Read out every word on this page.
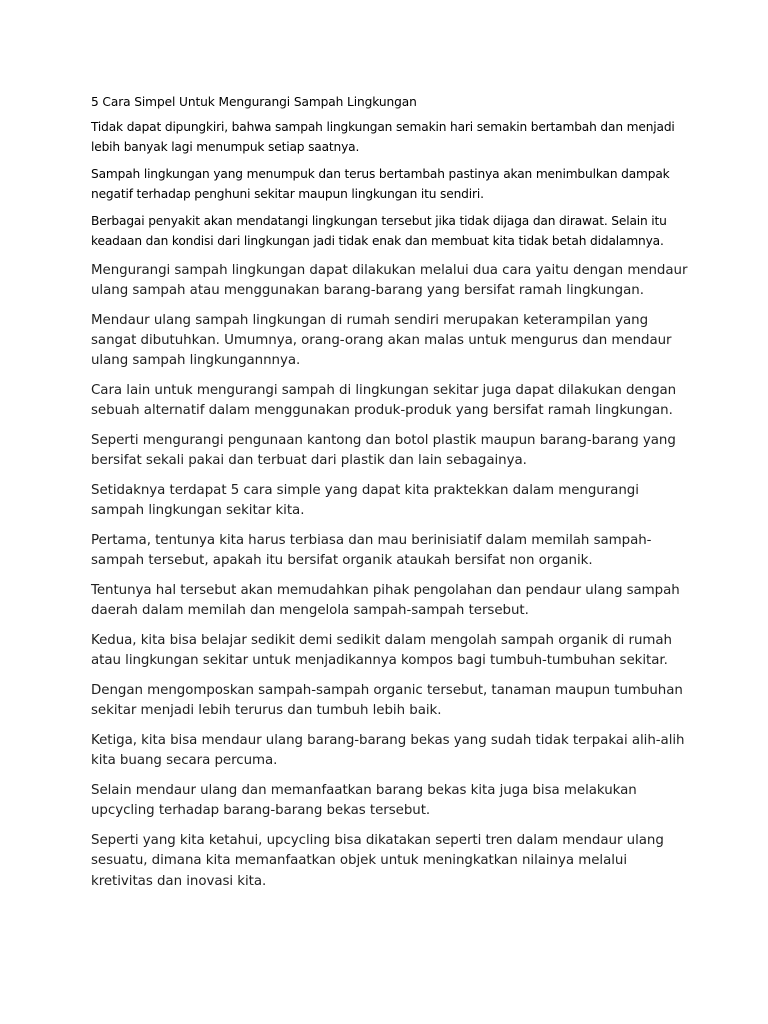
5 Cara Simpel Untuk Mengurangi Sampah Lingkungan

Tidak dapat dipungkiri, bahwa sampah lingkungan semakin hari semakin bertambah dan menjadi lebih banyak lagi menumpuk setiap saatnya.

Sampah lingkungan yang menumpuk dan terus bertambah pastinya akan menimbulkan dampak negatif terhadap penghuni sekitar maupun lingkungan itu sendiri.

Berbagai penyakit akan mendatangi lingkungan tersebut jika tidak dijaga dan dirawat. Selain itu keadaan dan kondisi dari lingkungan jadi tidak enak dan membuat kita tidak betah didalamnya.

Mengurangi sampah lingkungan dapat dilakukan melalui dua cara yaitu dengan mendaur ulang sampah atau menggunakan barang-barang yang bersifat ramah lingkungan.

Mendaur ulang sampah lingkungan di rumah sendiri merupakan keterampilan yang sangat dibutuhkan. Umumnya, orang-orang akan malas untuk mengurus dan mendaur ulang sampah lingkungannnya.

Cara lain untuk mengurangi sampah di lingkungan sekitar juga dapat dilakukan dengan sebuah alternatif dalam menggunakan produk-produk yang bersifat ramah lingkungan.

Seperti mengurangi pengunaan kantong dan botol plastik maupun barang-barang yang bersifat sekali pakai dan terbuat dari plastik dan lain sebagainya.

Setidaknya terdapat 5 cara simple yang dapat kita praktekkan dalam mengurangi sampah lingkungan sekitar kita.

Pertama, tentunya kita harus terbiasa dan mau berinisiatif dalam memilah sampah-sampah tersebut, apakah itu bersifat organik ataukah bersifat non organik.

Tentunya hal tersebut akan memudahkan pihak pengolahan dan pendaur ulang sampah daerah dalam memilah dan mengelola sampah-sampah tersebut.

Kedua, kita bisa belajar sedikit demi sedikit dalam mengolah sampah organik di rumah atau lingkungan sekitar untuk menjadikannya kompos bagi tumbuh-tumbuhan sekitar.

Dengan mengomposkan sampah-sampah organic tersebut, tanaman maupun tumbuhan sekitar menjadi lebih terurus dan tumbuh lebih baik.

Ketiga, kita bisa mendaur ulang barang-barang bekas yang sudah tidak terpakai alih-alih kita buang secara percuma.

Selain mendaur ulang dan memanfaatkan barang bekas kita juga bisa melakukan upcycling terhadap barang-barang bekas tersebut.

Seperti yang kita ketahui, upcycling bisa dikatakan seperti tren dalam mendaur ulang sesuatu, dimana kita memanfaatkan objek untuk meningkatkan nilainya melalui kretivitas dan inovasi kita.
